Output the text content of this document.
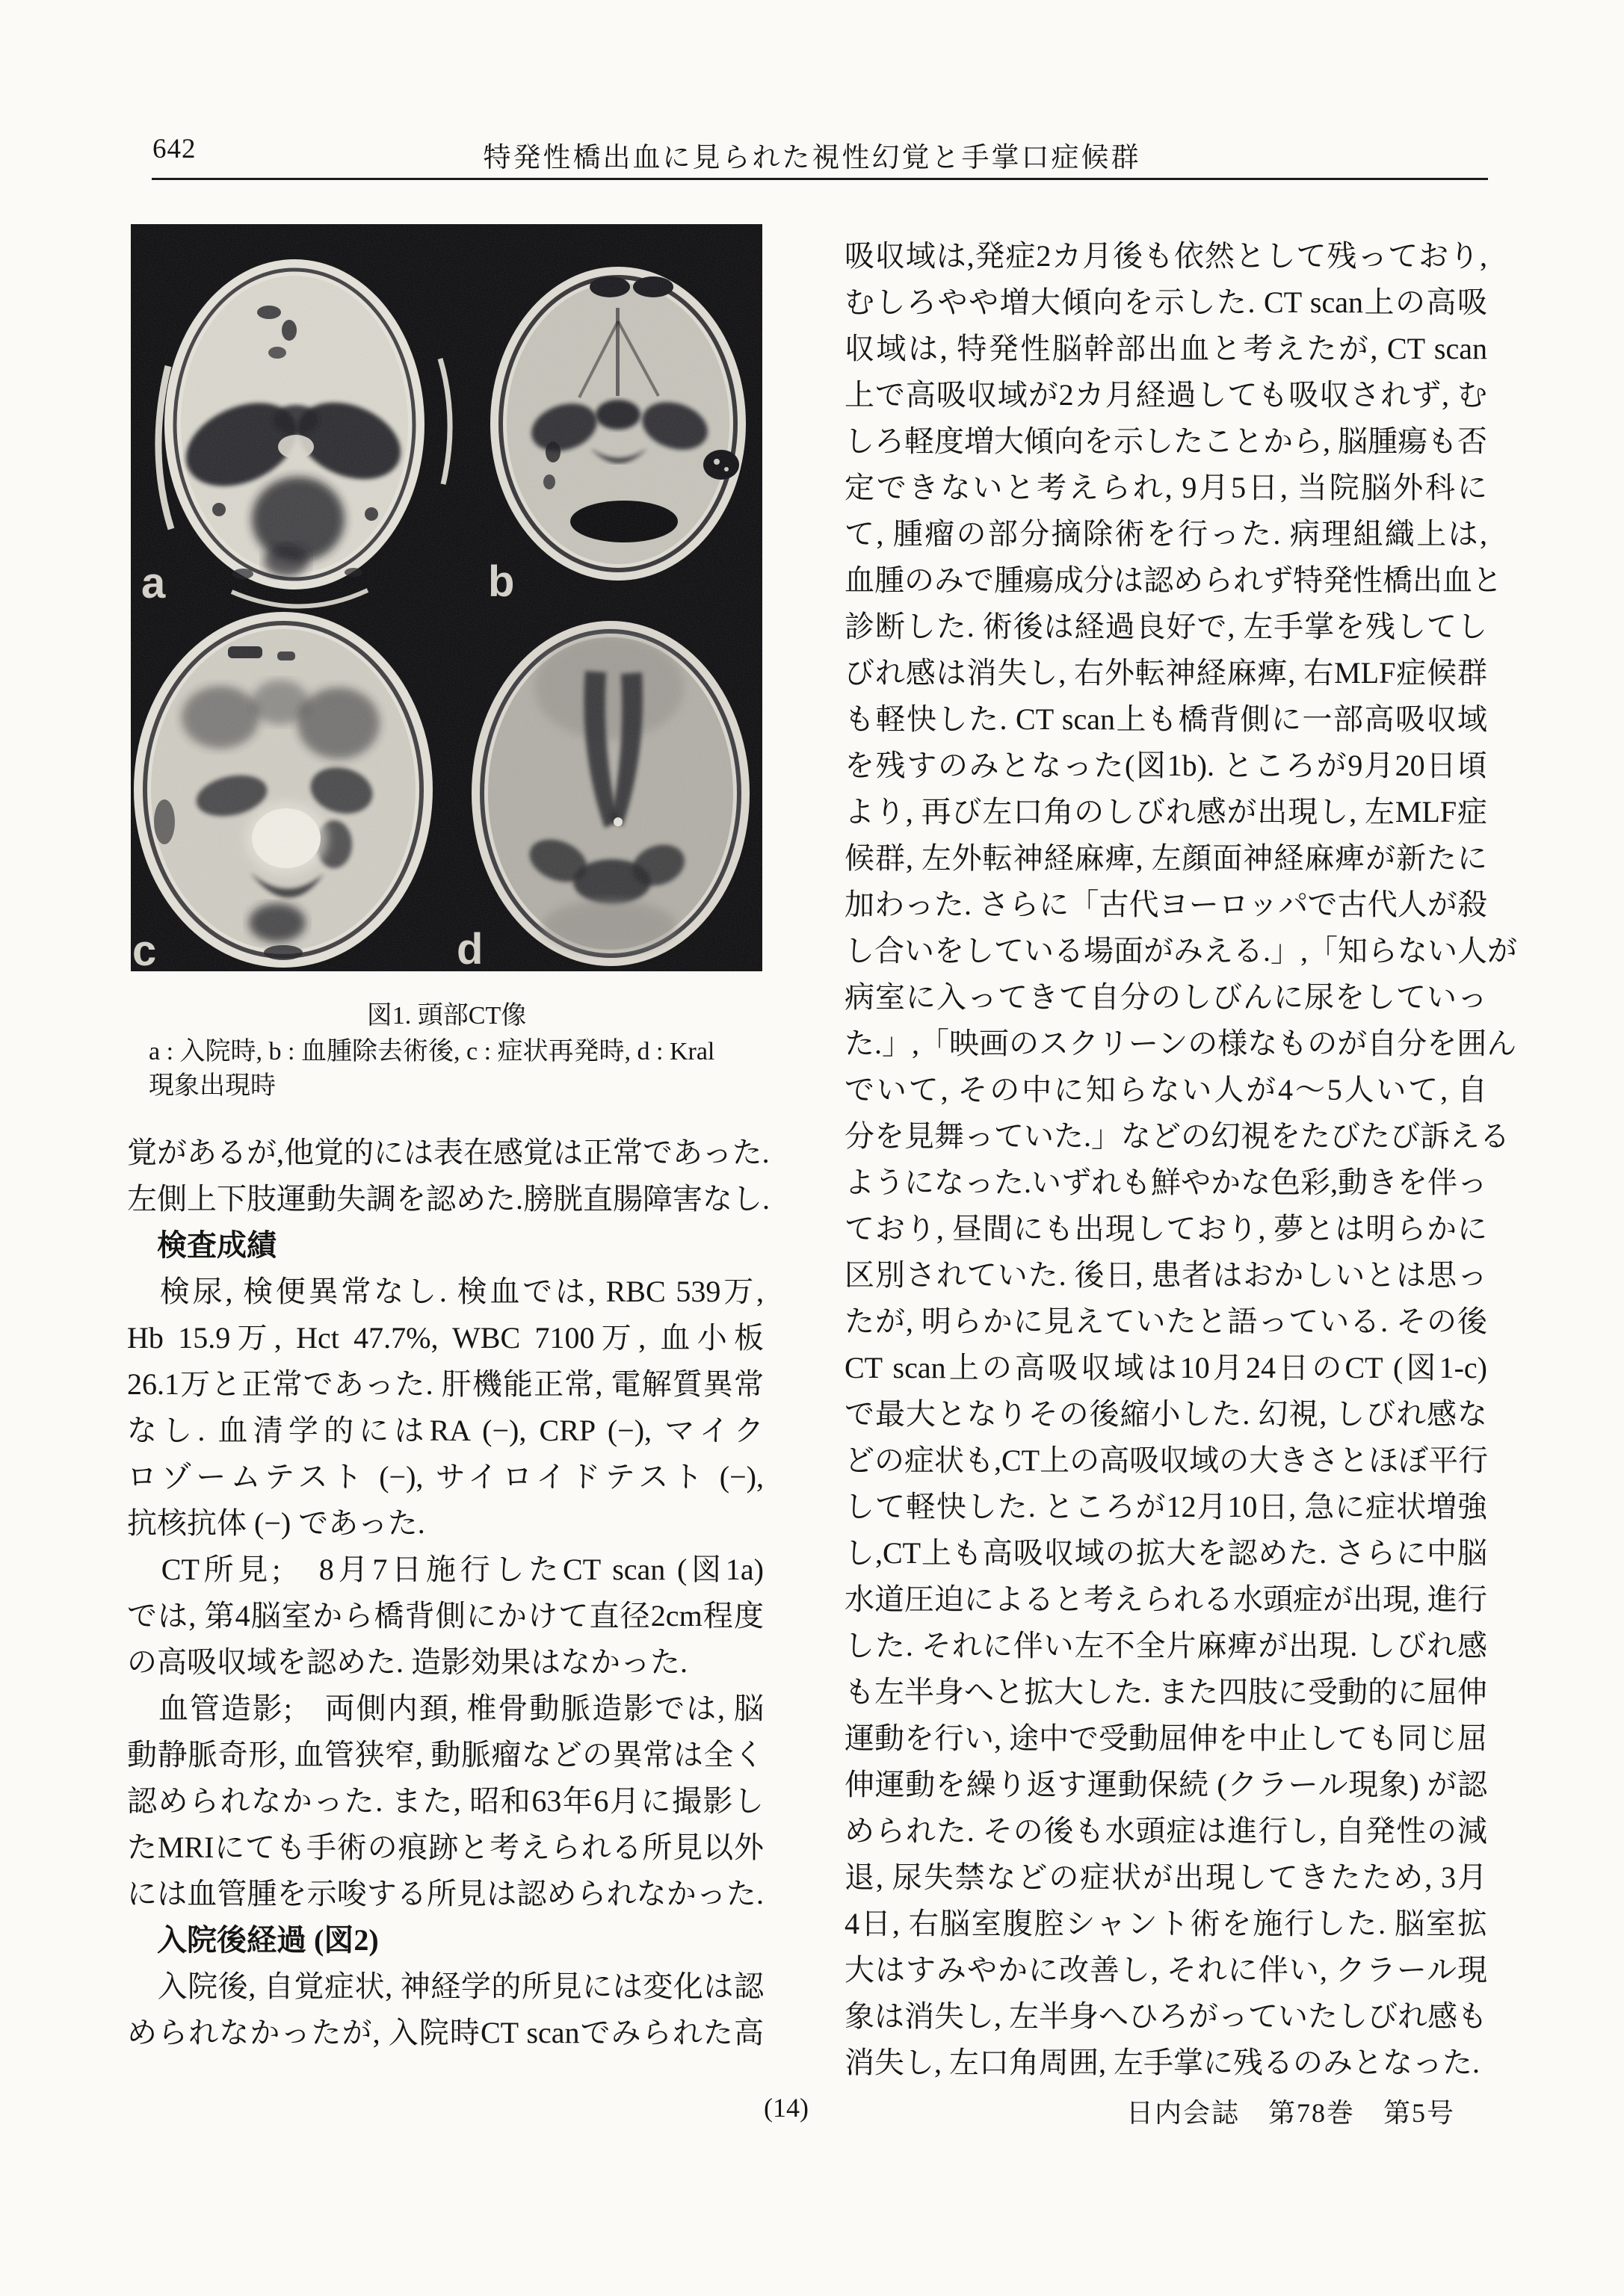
642	特発性橋出血に見られた視性幻覚と手掌口症候群
a	b
c	d
図1. 頭部CT像
a : 入院時, b : 血腫除去術後, c : 症状再発時, d : Kral
現象出現時
覚があるが,他覚的には表在感覚は正常であった.
左側上下肢運動失調を認めた.膀胱直腸障害なし.
　検査成績
　検尿, 検便異常なし. 検血では, RBC 539万,
Hb 15.9万, Hct 47.7%, WBC 7100万, 血小板
26.1万と正常であった. 肝機能正常, 電解質異常
なし. 血清学的にはRA (−), CRP (−), マイク
ロゾームテスト (−), サイロイドテスト (−),
抗核抗体 (−) であった.
　CT所見;　8月7日施行したCT scan (図1a)
では, 第4脳室から橋背側にかけて直径2cm程度
の高吸収域を認めた. 造影効果はなかった.
　血管造影;　両側内頚, 椎骨動脈造影では, 脳
動静脈奇形, 血管狭窄, 動脈瘤などの異常は全く
認められなかった. また, 昭和63年6月に撮影し
たMRIにても手術の痕跡と考えられる所見以外
には血管腫を示唆する所見は認められなかった.
　入院後経過 (図2)
　入院後, 自覚症状, 神経学的所見には変化は認
められなかったが, 入院時CT scanでみられた高
吸収域は,発症2カ月後も依然として残っており,
むしろやや増大傾向を示した. CT scan上の高吸
収域は, 特発性脳幹部出血と考えたが, CT scan
上で高吸収域が2カ月経過しても吸収されず, む
しろ軽度増大傾向を示したことから, 脳腫瘍も否
定できないと考えられ, 9月5日, 当院脳外科に
て, 腫瘤の部分摘除術を行った. 病理組織上は,
血腫のみで腫瘍成分は認められず特発性橋出血と
診断した. 術後は経過良好で, 左手掌を残してし
びれ感は消失し, 右外転神経麻痺, 右MLF症候群
も軽快した. CT scan上も橋背側に一部高吸収域
を残すのみとなった(図1b). ところが9月20日頃
より, 再び左口角のしびれ感が出現し, 左MLF症
候群, 左外転神経麻痺, 左顔面神経麻痺が新たに
加わった. さらに「古代ヨーロッパで古代人が殺
し合いをしている場面がみえる.」,「知らない人が
病室に入ってきて自分のしびんに尿をしていっ
た.」,「映画のスクリーンの様なものが自分を囲ん
でいて, その中に知らない人が4～5人いて, 自
分を見舞っていた.」などの幻視をたびたび訴える
ようになった.いずれも鮮やかな色彩,動きを伴っ
ており, 昼間にも出現しており, 夢とは明らかに
区別されていた. 後日, 患者はおかしいとは思っ
たが, 明らかに見えていたと語っている. その後
CT scan上の高吸収域は10月24日のCT (図1-c)
で最大となりその後縮小した. 幻視, しびれ感な
どの症状も,CT上の高吸収域の大きさとほぼ平行
して軽快した. ところが12月10日, 急に症状増強
し,CT上も高吸収域の拡大を認めた. さらに中脳
水道圧迫によると考えられる水頭症が出現, 進行
した. それに伴い左不全片麻痺が出現. しびれ感
も左半身へと拡大した. また四肢に受動的に屈伸
運動を行い, 途中で受動屈伸を中止しても同じ屈
伸運動を繰り返す運動保続 (クラール現象) が認
められた. その後も水頭症は進行し, 自発性の減
退, 尿失禁などの症状が出現してきたため, 3月
4日, 右脳室腹腔シャント術を施行した. 脳室拡
大はすみやかに改善し, それに伴い, クラール現
象は消失し, 左半身へひろがっていたしびれ感も
消失し, 左口角周囲, 左手掌に残るのみとなった.
(14)	日内会誌　第78巻　第5号
